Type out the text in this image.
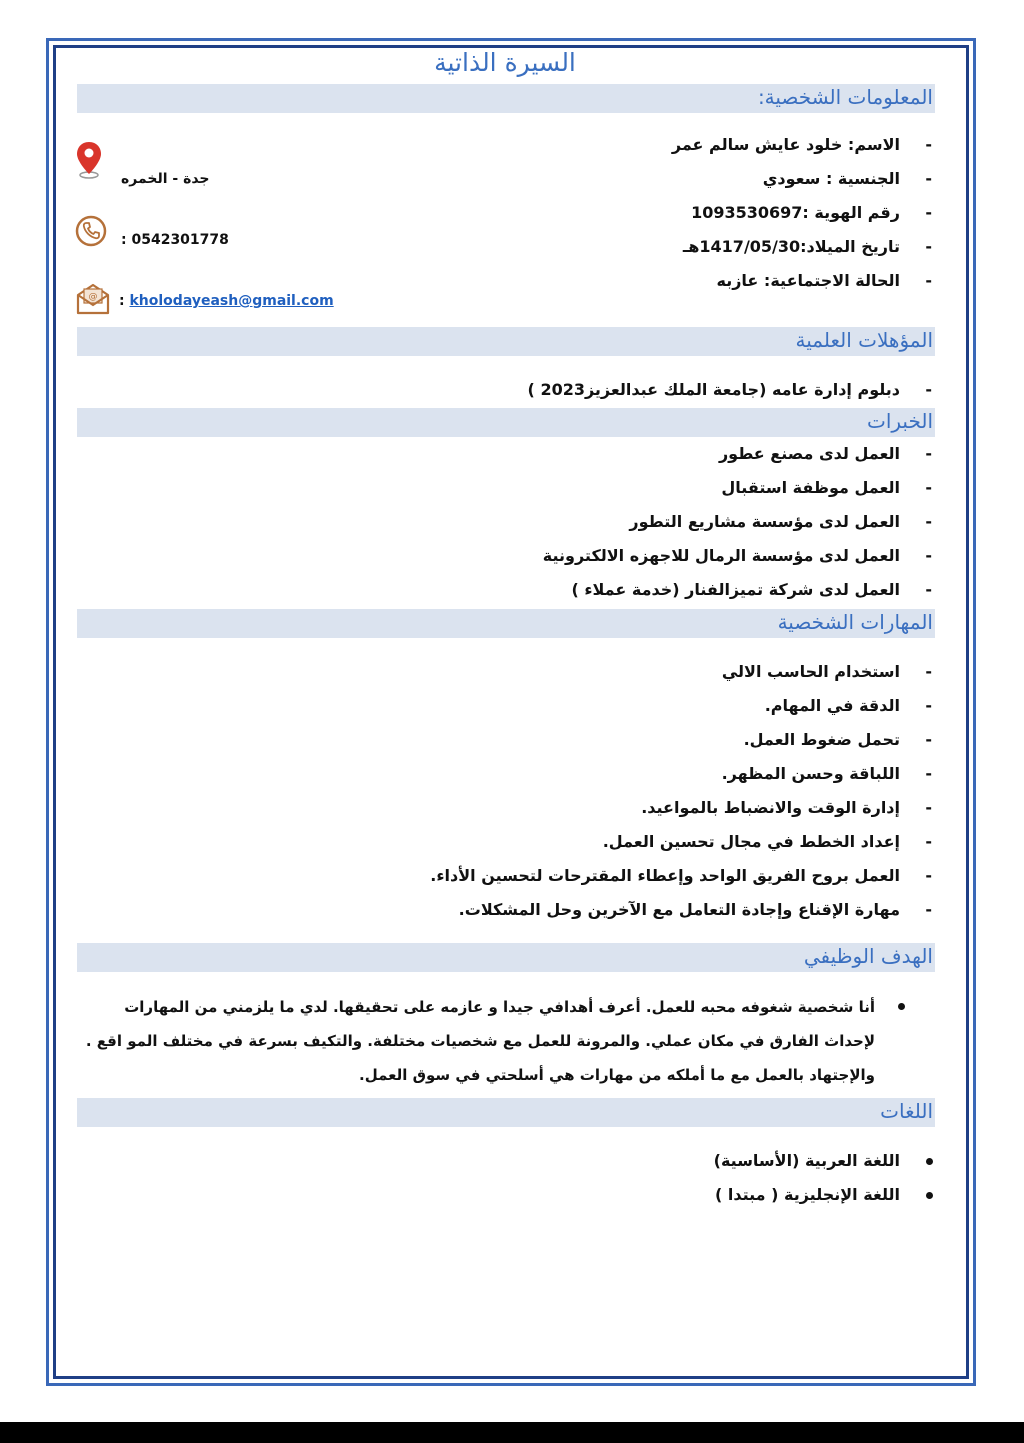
السيرة الذاتية
المعلومات الشخصية:
- الاسم: خلود عايش سالم عمر
- الجنسية : سعودي
- رقم الهوية :1093530697
- تاريخ الميلاد:1417/05/30هـ
- الحالة الاجتماعية: عازبه
جدة - الخمره
: 0542301778
@ : kholodayeash@gmail.com
المؤهلات العلمية
- دبلوم إدارة عامه (جامعة الملك عبدالعزيز2023 )
الخبرات
- العمل لدى مصنع عطور
- العمل موظفة استقبال
- العمل لدى مؤسسة مشاريع التطور
- العمل لدى مؤسسة الرمال للاجهزه الالكترونية
- العمل لدى شركة تميزالفنار (خدمة عملاء )
المهارات الشخصية
- استخدام الحاسب الالي
- الدقة في المهام.
- تحمل ضغوط العمل.
- اللباقة وحسن المظهر.
- إدارة الوقت والانضباط بالمواعيد.
- إعداد الخطط في مجال تحسين العمل.
- العمل بروح الفريق الواحد وإعطاء المقترحات لتحسين الأداء.
- مهارة الإقناع وإجادة التعامل مع الآخرين وحل المشكلات.
الهدف الوظيفي
أنا شخصية شغوفه محبه للعمل. أعرف أهدافي جيدا و عازمه على تحقيقها. لدي ما يلزمني من المهارات لإحداث الفارق في مكان عملي. والمرونة للعمل مع شخصيات مختلفة. والتكيف بسرعة في مختلف المو اقع . والإجتهاد بالعمل مع ما أملكه من مهارات هي أسلحتي في سوق العمل.
اللغات
اللغة العربية (الأساسية)
اللغة الإنجليزية ( مبتدا )
